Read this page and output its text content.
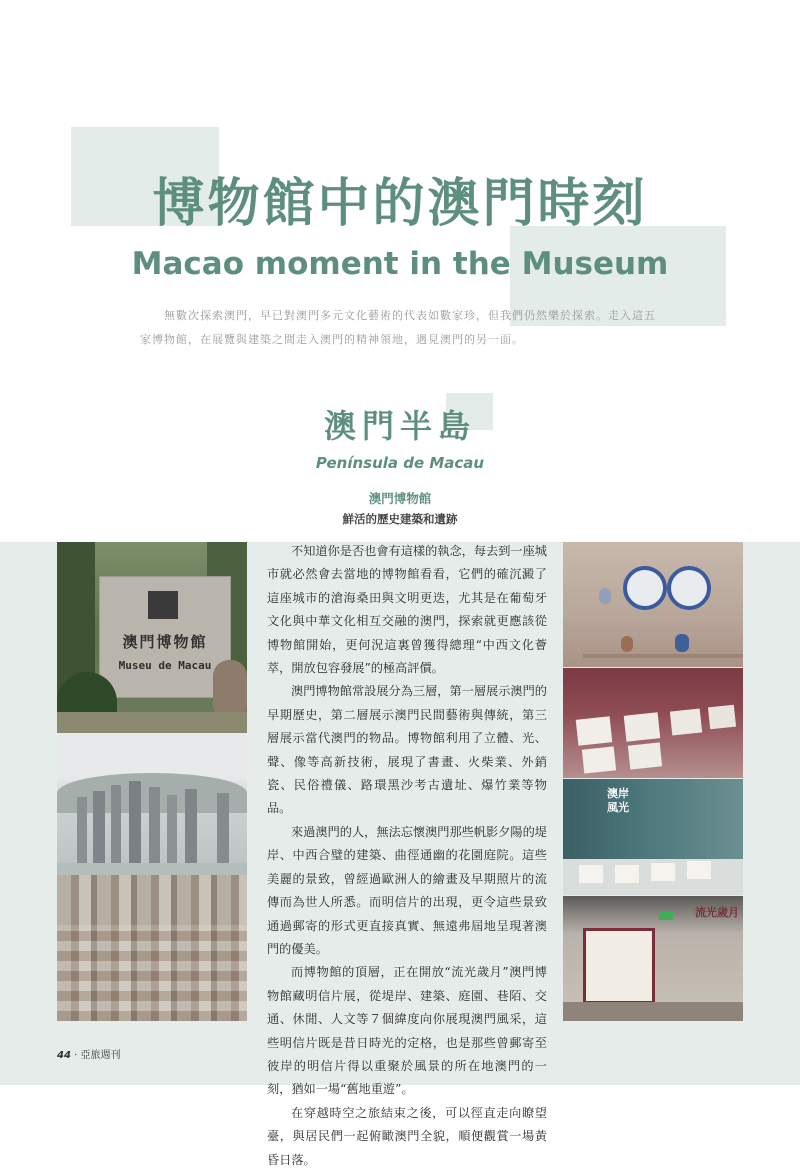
博物館中的澳門時刻
Macao moment in the Museum
無數次探索澳門，早已對澳門多元文化藝術的代表如數家珍，但我們仍然樂於探索。走入這五家博物館，在展覽與建築之間走入澳門的精神領地，遇見澳門的另一面。
澳門半島
Península de Macau
澳門博物館
鮮活的歷史建築和遺跡
澳門博物館
Museu de Macau

不知道你是否也會有這樣的執念，每去到一座城市就必然會去當地的博物館看看，它們的確沉澱了這座城市的滄海桑田與文明更迭，尤其是在葡萄牙文化與中華文化相互交融的澳門，探索就更應該從博物館開始，更何況這裏曾獲得總理“中西文化薈萃，開放包容發展”的極高評價。

澳門博物館常設展分為三層，第一層展示澳門的早期歷史，第二層展示澳門民間藝術與傳統，第三層展示當代澳門的物品。博物館利用了立體、光、聲、像等高新技術，展現了書畫、火柴業、外銷瓷、民俗禮儀、路環黑沙考古遺址、爆竹業等物品。

來過澳門的人，無法忘懷澳門那些帆影夕陽的堤岸、中西合璧的建築、曲徑通幽的花園庭院。這些美麗的景致，曾經過歐洲人的繪畫及早期照片的流傳而為世人所悉。而明信片的出現，更令這些景致通過郵寄的形式更直接真實、無遠弗屆地呈現著澳門的優美。

而博物館的頂層，正在開放“流光歲月”澳門博物館藏明信片展，從堤岸、建築、庭園、巷陌、交通、休閒、人文等７個緯度向你展現澳門風采，這些明信片既是昔日時光的定格，也是那些曾郵寄至彼岸的明信片得以重聚於風景的所在地澳門的一刻，猶如一場“舊地重遊”。

在穿越時空之旅結束之後，可以徑直走向瞭望臺，與居民們一起俯瞰澳門全貌，順便觀賞一場黃昏日落。

澳岸風光
流光歲月
44 · 亞旅週刊
